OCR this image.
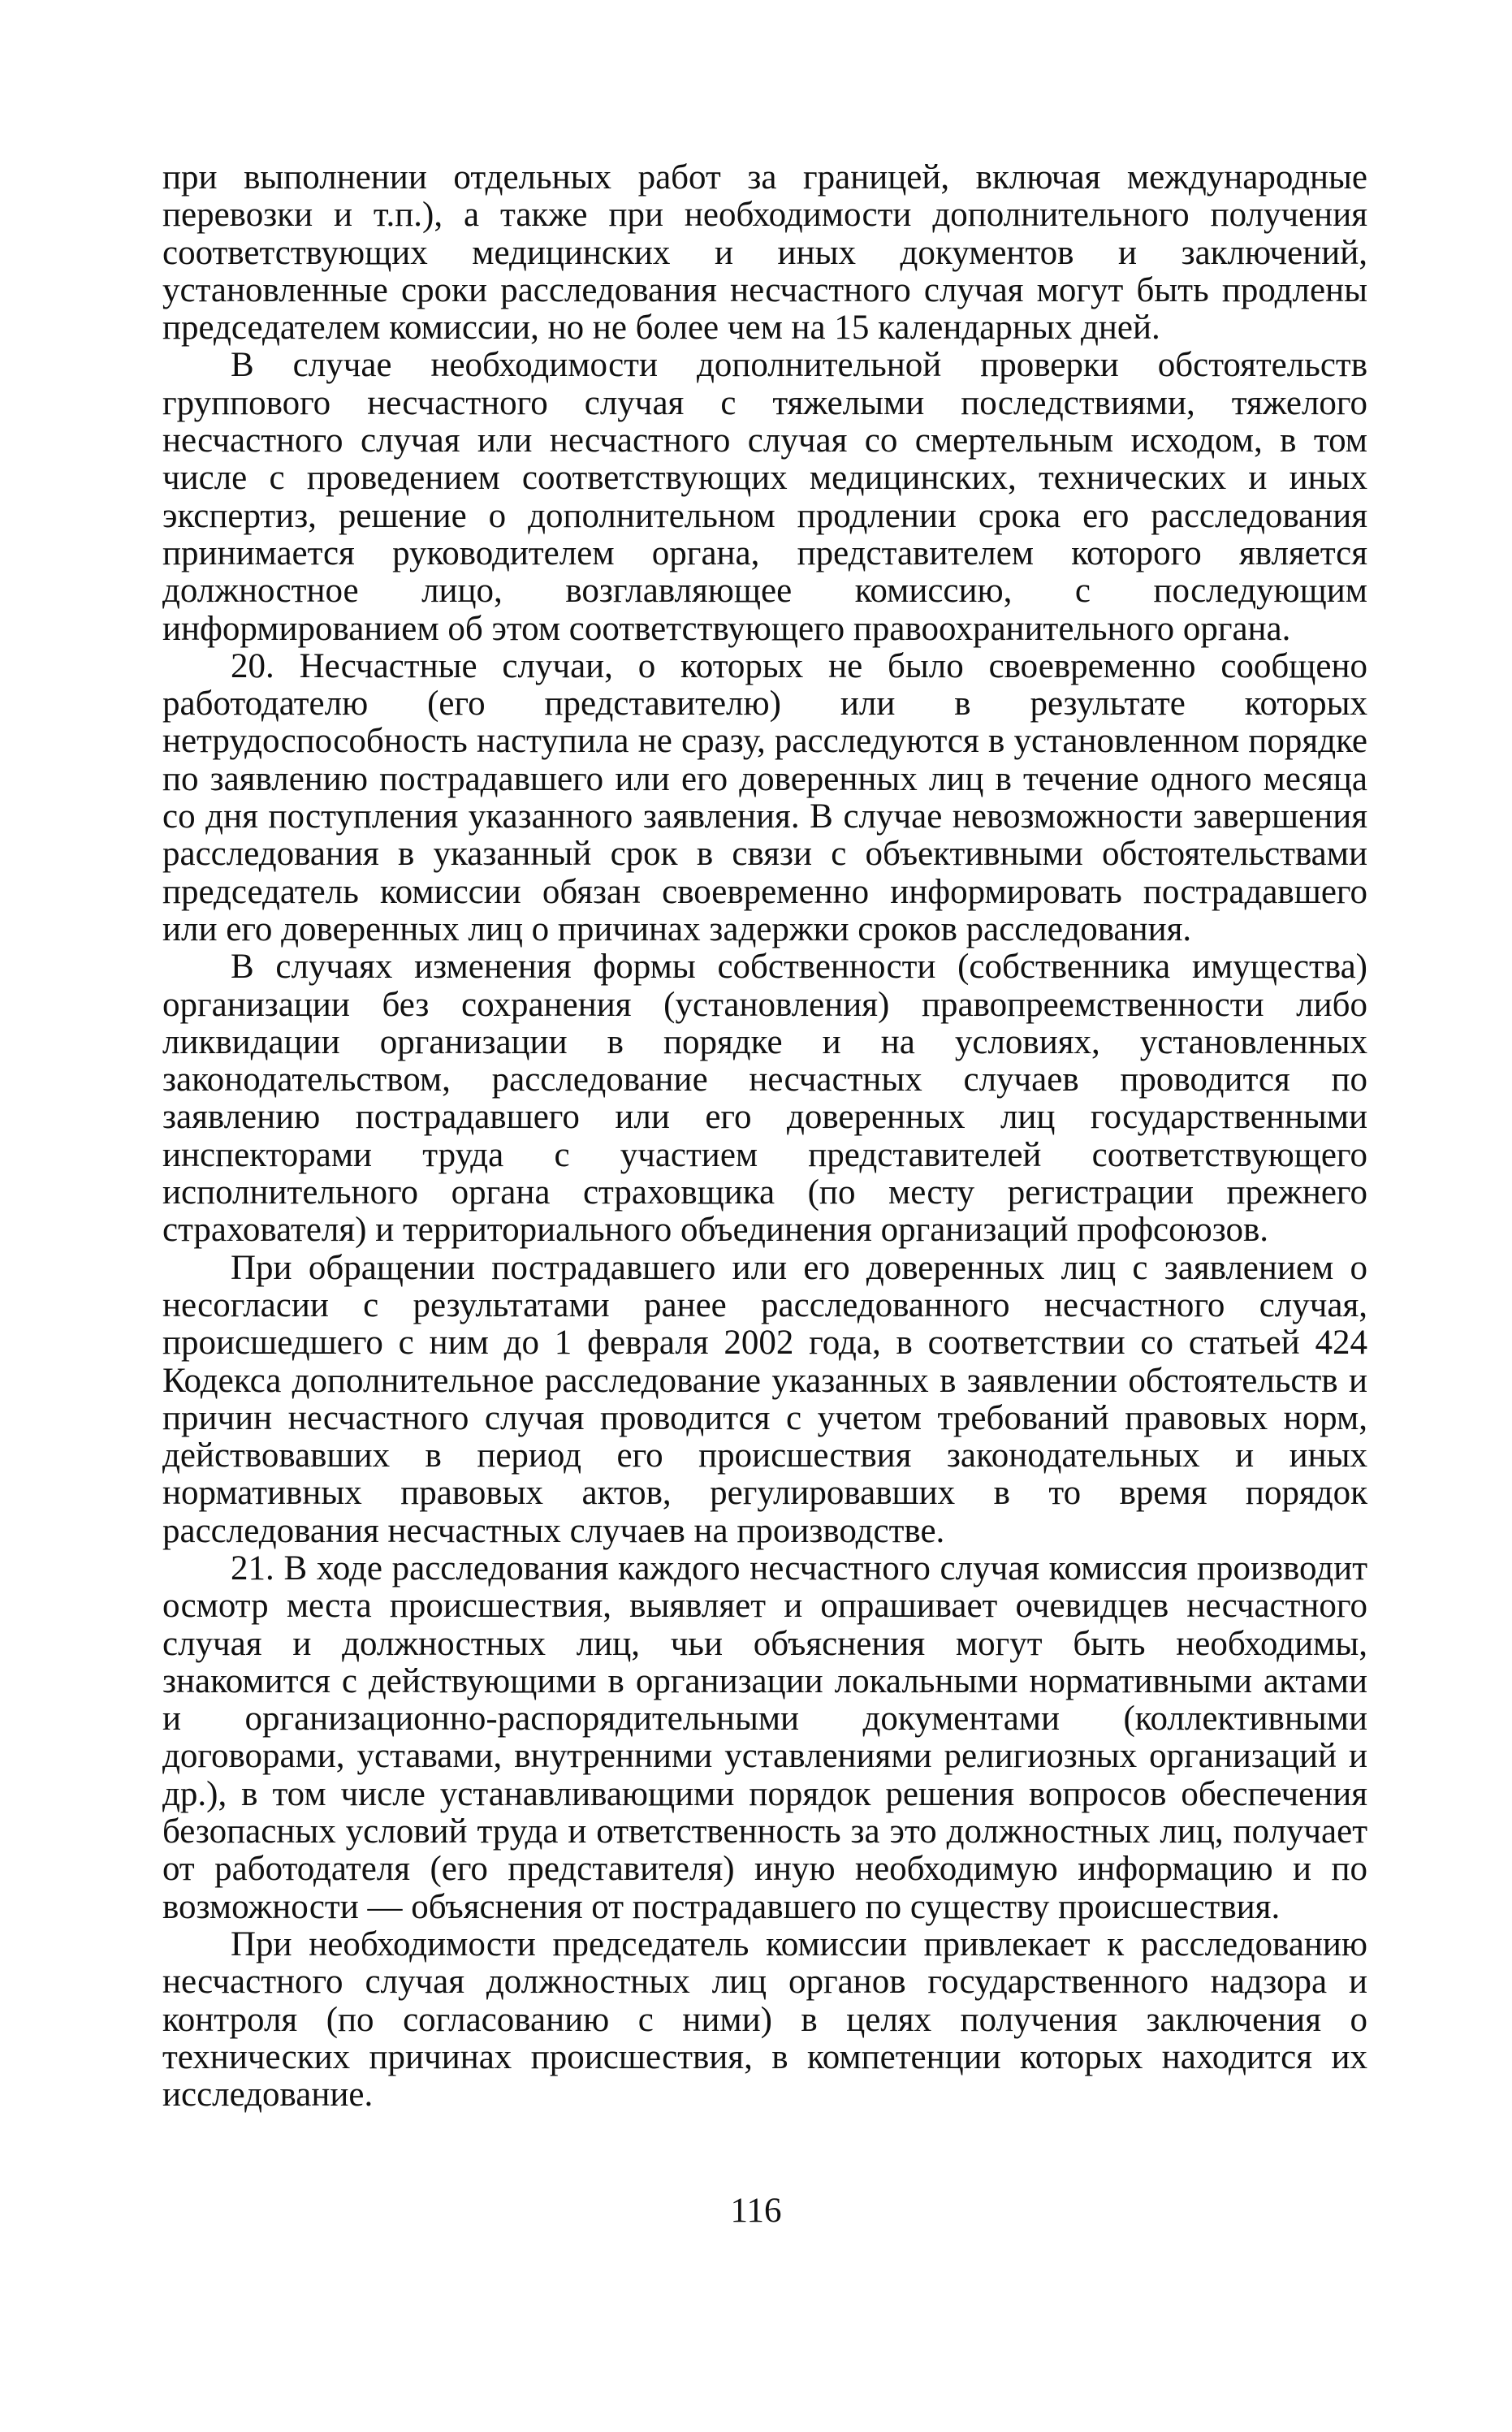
при выполнении отдельных работ за границей, включая международные перевозки и т.п.), а также при необходимости дополнительного получения соответствующих медицинских и иных документов и заключений, установленные сроки расследования несчастного случая могут быть продлены председателем комиссии, но не более чем на 15 календарных дней.

В случае необходимости дополнительной проверки обстоятельств группового несчастного случая с тяжелыми последствиями, тяжелого несчастного случая или несчастного случая со смертельным исходом, в том числе с проведением соответствующих медицинских, технических и иных экспертиз, решение о дополнительном продлении срока его расследования принимается руководителем органа, представителем которого является должностное лицо, возглавляющее комиссию, с последующим информированием об этом соответствующего правоохранительного органа.

20. Несчастные случаи, о которых не было своевременно сообщено работодателю (его представителю) или в результате которых нетрудоспособность наступила не сразу, расследуются в установленном порядке по заявлению пострадавшего или его доверенных лиц в течение одного месяца со дня поступления указанного заявления. В случае невозможности завершения расследования в указанный срок в связи с объективными обстоятельствами председатель комиссии обязан своевременно информировать пострадавшего или его доверенных лиц о причинах задержки сроков расследования.

В случаях изменения формы собственности (собственника имущества) организации без сохранения (установления) правопреемственности либо ликвидации организации в порядке и на условиях, установленных законодательством, расследование несчастных случаев проводится по заявлению пострадавшего или его доверенных лиц государственными инспекторами труда с участием представителей соответствующего исполнительного органа страховщика (по месту регистрации прежнего страхователя) и территориального объединения организаций профсоюзов.

При обращении пострадавшего или его доверенных лиц с заявлением о несогласии с результатами ранее расследованного несчастного случая, происшедшего с ним до 1 февраля 2002 года, в соответствии со статьей 424 Кодекса дополнительное расследование указанных в заявлении обстоятельств и причин несчастного случая проводится с учетом требований правовых норм, действовавших в период его происшествия законодательных и иных нормативных правовых актов, регулировавших в то время порядок расследования несчастных случаев на производстве.

21. В ходе расследования каждого несчастного случая комиссия производит осмотр места происшествия, выявляет и опрашивает очевидцев несчастного случая и должностных лиц, чьи объяснения могут быть необходимы, знакомится с действующими в организации локальными нормативными актами и организационно-распорядительными документами (коллективными договорами, уставами, внутренними уставлениями религиозных организаций и др.), в том числе устанавливающими порядок решения вопросов обеспечения безопасных условий труда и ответственность за это должностных лиц, получает от работодателя (его представителя) иную необходимую информацию и по возможности — объяснения от пострадавшего по существу происшествия.

При необходимости председатель комиссии привлекает к расследованию несчастного случая должностных лиц органов государственного надзора и контроля (по согласованию с ними) в целях получения заключения о технических причинах происшествия, в компетенции которых находится их исследование.

116
